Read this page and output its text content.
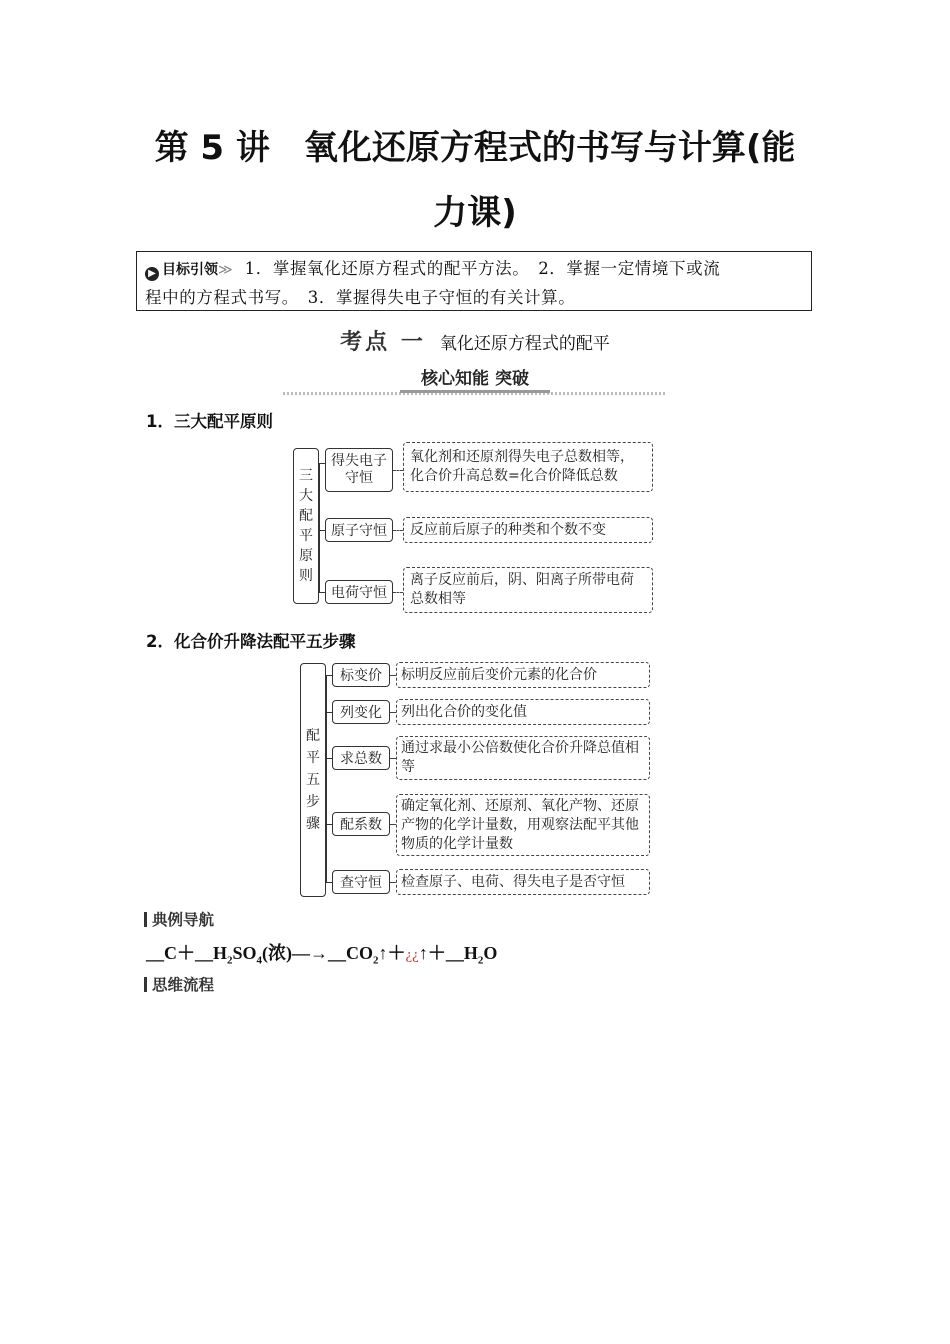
第 5 讲　氧化还原方程式的书写与计算(能
力课)
▶ 目标引领≫ 1．掌握氧化还原方程式的配平方法。　2．掌握一定情境下或流
程中的方程式书写。　3．掌握得失电子守恒的有关计算。
考点 一 氧化还原方程式的配平
核心知能 突破
1．三大配平原则
三
大
配
平
原
则
得失电子守恒
原子守恒
电荷守恒
氧化剂和还原剂得失电子总数相等，化合价升高总数=化合价降低总数
反应前后原子的种类和个数不变
离子反应前后，阴、阳离子所带电荷总数相等
2．化合价升降法配平五步骤
配
平
五
步
骤
标变价
列变化
求总数
配系数
查守恒
标明反应前后变价元素的化合价
列出化合价的变化值
通过求最小公倍数使化合价升降总值相等
确定氧化剂、还原剂、氧化产物、还原产物的化学计量数，用观察法配平其他物质的化学计量数
检查原子、电荷、得失电子是否守恒
典例导航
$\_\_C+\_\_H_2SO_4$(浓)$―\to\_\_CO_2↑+¿¿↑+\_\_H_2O$
思维流程
